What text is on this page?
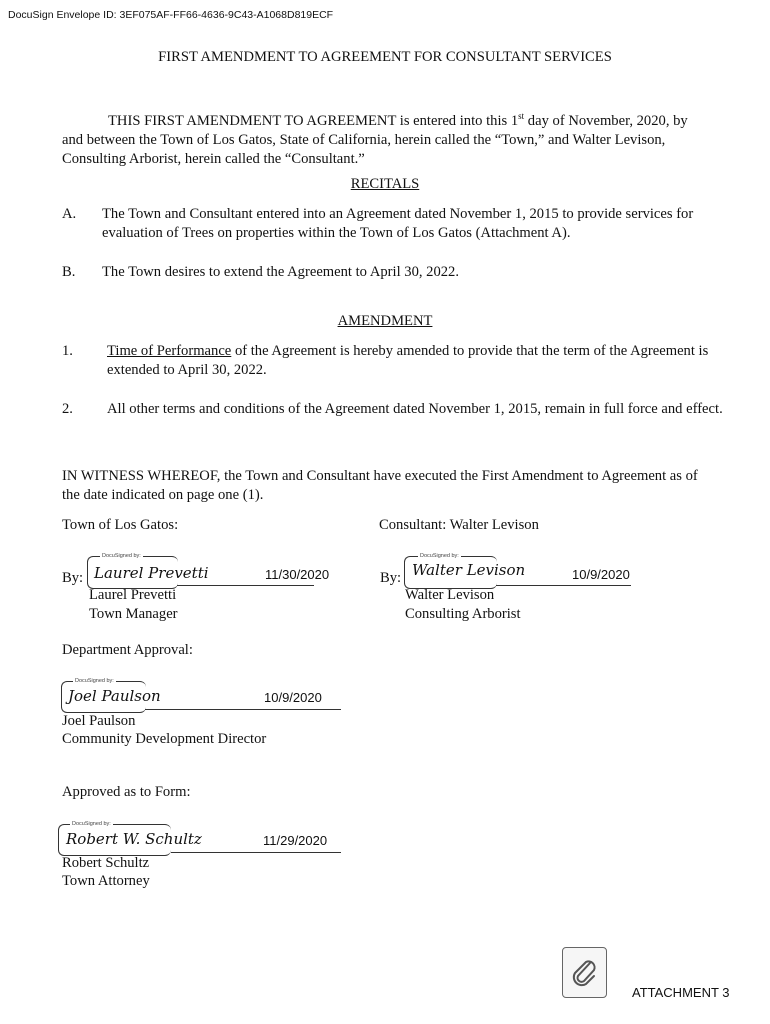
DocuSign Envelope ID: 3EF075AF-FF66-4636-9C43-A1068D819ECF
FIRST AMENDMENT TO AGREEMENT FOR CONSULTANT SERVICES
THIS FIRST AMENDMENT TO AGREEMENT is entered into this 1st day of November, 2020, by and between the Town of Los Gatos, State of California, herein called the “Town,” and Walter Levison, Consulting Arborist, herein called the “Consultant.”
RECITALS
A. The Town and Consultant entered into an Agreement dated November 1, 2015 to provide services for evaluation of Trees on properties within the Town of Los Gatos (Attachment A).
B. The Town desires to extend the Agreement to April 30, 2022.
AMENDMENT
1. Time of Performance of the Agreement is hereby amended to provide that the term of the Agreement is extended to April 30, 2022.
2. All other terms and conditions of the Agreement dated November 1, 2015, remain in full force and effect.
IN WITNESS WHEREOF, the Town and Consultant have executed the First Amendment to Agreement as of the date indicated on page one (1).
Town of Los Gatos:	Consultant: Walter Levison
By:
DocuSigned by:
Laurel Prevetti	11/30/2020
Laurel Prevetti
Town Manager
By:
DocuSigned by:
Walter Levison	10/9/2020
Walter Levison
Consulting Arborist
Department Approval:
DocuSigned by:
Joel Paulson	10/9/2020
Joel Paulson
Community Development Director
Approved as to Form:
DocuSigned by:
Robert W. Schultz	11/29/2020
Robert Schultz
Town Attorney
ATTACHMENT 3
